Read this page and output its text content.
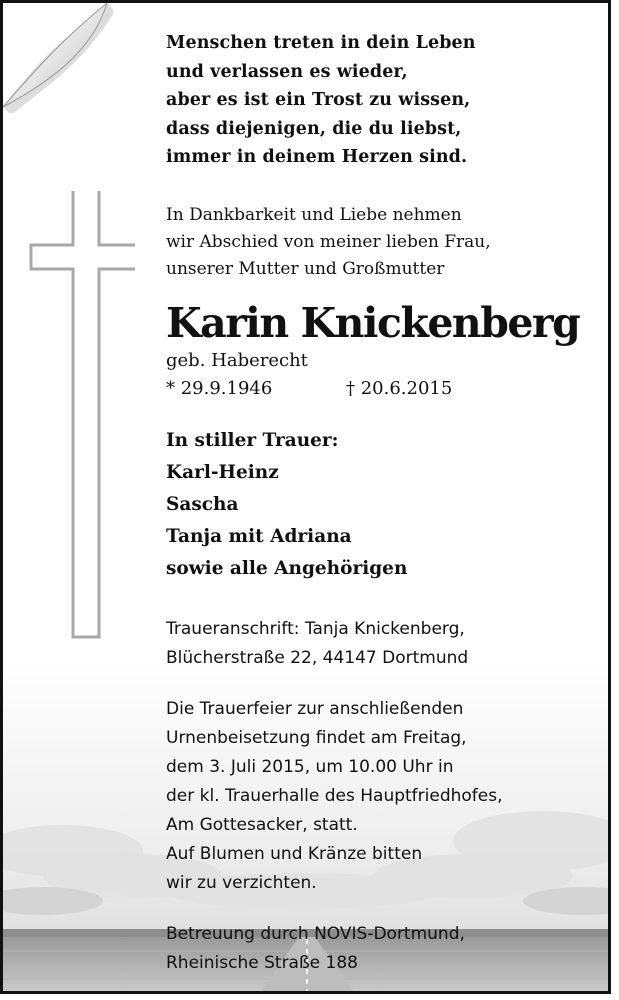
Menschen treten in dein Leben
und verlassen es wieder,
aber es ist ein Trost zu wissen,
dass diejenigen, die du liebst,
immer in deinem Herzen sind.
In Dankbarkeit und Liebe nehmen
wir Abschied von meiner lieben Frau,
unserer Mutter und Großmutter
Karin Knickenberg
geb. Haberecht
* 29.9.1946	† 20.6.2015
In stiller Trauer:
Karl-Heinz
Sascha
Tanja mit Adriana
sowie alle Angehörigen
Traueranschrift: Tanja Knickenberg,
Blücherstraße 22, 44147 Dortmund
Die Trauerfeier zur anschließenden
Urnenbeisetzung findet am Freitag,
dem 3. Juli 2015, um 10.00 Uhr in
der kl. Trauerhalle des Hauptfriedhofes,
Am Gottesacker, statt.
Auf Blumen und Kränze bitten
wir zu verzichten.
Betreuung durch NOVIS-Dortmund,
Rheinische Straße 188
